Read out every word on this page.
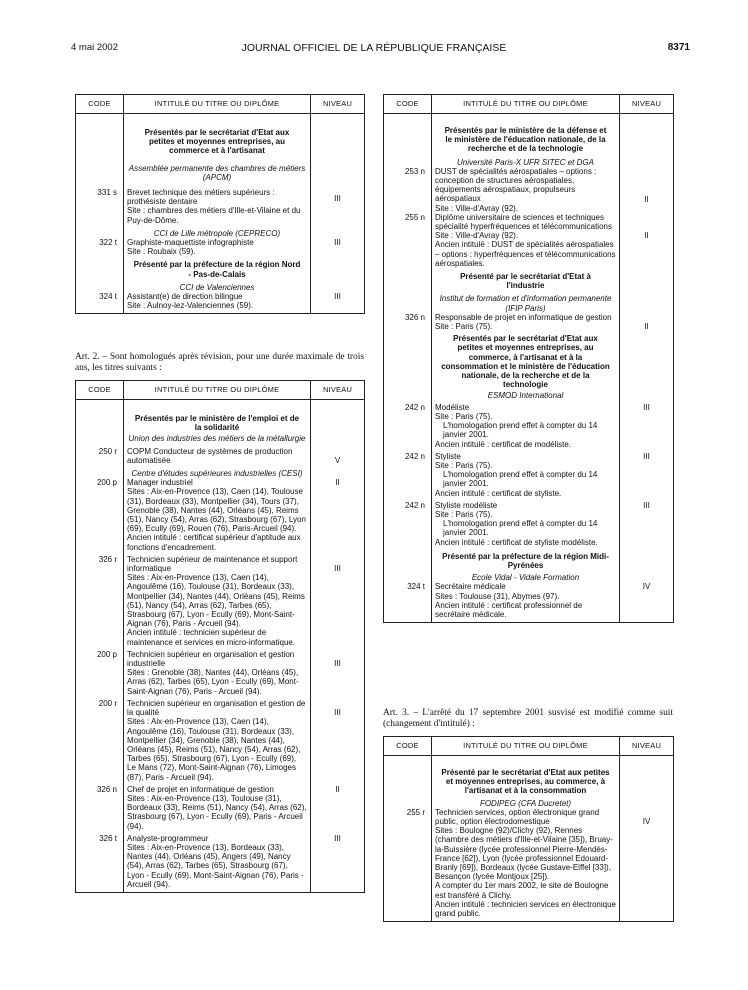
4 mai 2002	JOURNAL OFFICIEL DE LA RÉPUBLIQUE FRANÇAISE	8371
CODE	INTITULÉ DU TITRE OU DIPLÔME	NIVEAU

	Présentés par le secrétariat d'Etat aux petites et moyennes entreprises, au commerce et à l'artisanat
Assemblée permanente des chambres de métiers (APCM)	

331 s	Brevet technique des métiers supérieurs : prothésiste dentaire
Site : chambres des métiers d'Ille-et-Vilaine et du Puy-de-Dôme.	III

	CCI de Lille métropole (CEPRECO)	

322 t	Graphiste-maquettiste infographiste
Site : Roubaix (59).	III

	Présenté par la préfecture de la région Nord - Pas-de-Calais
CCI de Valenciennes	

324 t	Assistant(e) de direction bilingue
Site : Aulnoy-lez-Valenciennes (59).	III

Art. 2. – Sont homologués après révision, pour une durée maximale de trois ans, les titres suivants :

CODE	INTITULÉ DU TITRE OU DIPLÔME	NIVEAU

	Présentés par le ministère de l'emploi et de la solidarité
Union des industries des métiers de la métallurgie	

250 r	COPM Conducteur de systèmes de production automatisée	V

	Centre d'études supérieures industrielles (CESI)	

200 p	Manager industriel
Sites : Aix-en-Provence (13), Caen (14), Toulouse (31), Bordeaux (33), Montpellier (34), Tours (37), Grenoble (38), Nantes (44), Orléans (45), Reims (51), Nancy (54), Arras (62), Strasbourg (67), Lyon (69), Ecully (69), Rouen (76), Paris-Arcueil (94).
Ancien intitulé : certificat supérieur d'aptitude aux fonctions d'encadrement.	II
326 r	Technicien supérieur de maintenance et support informatique
Sites : Aix-en-Provence (13), Caen (14), Angoulême (16), Toulouse (31), Bordeaux (33), Montpellier (34), Nantes (44), Orléans (45), Reims (51), Nancy (54), Arras (62), Tarbes (65), Strasbourg (67), Lyon - Ecully (69), Mont-Saint-Aignan (76), Paris - Arcueil (94).
Ancien intitulé : technicien supérieur de maintenance et services en micro-informatique.	III
200 p	Technicien supérieur en organisation et gestion industrielle
Sites : Grenoble (38), Nantes (44), Orléans (45), Arras (62), Tarbes (65), Lyon - Ecully (69), Mont-Saint-Aignan (76), Paris - Arcueil (94).	III
200 r	Technicien supérieur en organisation et gestion de la qualité
Sites : Aix-en-Provence (13), Caen (14), Angoulême (16), Toulouse (31), Bordeaux (33), Montpellier (34), Grenoble (38), Nantes (44), Orléans (45), Reims (51), Nancy (54), Arras (62), Tarbes (65), Strasbourg (67), Lyon - Ecully (69), Le Mans (72), Mont-Saint-Aignan (76), Limoges (87), Paris - Arcueil (94).	III
326 n	Chef de projet en informatique de gestion
Sites : Aix-en-Provence (13), Toulouse (31), Bordeaux (33), Reims (51), Nancy (54), Arras (62), Strasbourg (67), Lyon - Ecully (69), Paris - Arcueil (94).	II
326 t	Analyste-programmeur
Sites : Aix-en-Provence (13), Bordeaux (33), Nantes (44), Orléans (45), Angers (49), Nancy (54), Arras (62), Tarbes (65), Strasbourg (67), Lyon - Ecully (69), Mont-Saint-Aignan (76), Paris - Arcueil (94).	III
CODE	INTITULÉ DU TITRE OU DIPLÔME	NIVEAU

	Présentés par le ministère de la défense et le ministère de l'éducation nationale, de la recherche et de la technologie
Université Paris-X UFR SITEC et DGA	

253 n	DUST de spécialités aérospatiales – options : conception de structures aérospatiales, équipements aérospatiaux, propulseurs aérospatiaux
Site : Ville-d'Avray (92).	II
255 n	Diplôme universitaire de sciences et techniques spécialité hyperfréquences et télécommunications
Site : Ville-d'Avray (92).
Ancien intitulé : DUST de spécialités aérospatiales – options : hyperfréquences et télécommunications aérospatiales.	II

	Présenté par le secrétariat d'Etat à l'industrie
Institut de formation et d'information permanente (IFIP Paris)	

326 n	Responsable de projet en informatique de gestion
Site : Paris (75).	II

	Présentés par le secrétariat d'Etat aux petites et moyennes entreprises, au commerce, à l'artisanat et à la consommation et le ministère de l'éducation nationale, de la recherche et de la technologie
ESMOD International	

242 n	Modéliste
Site : Paris (75).
L'homologation prend effet à compter du 14 janvier 2001.
Ancien intitulé : certificat de modéliste.	III
242 n	Styliste
Site : Paris (75).
L'homologation prend effet à compter du 14 janvier 2001.
Ancien intitulé : certificat de styliste.	III
242 n	Styliste modéliste
Site : Paris (75).
L'homologation prend effet à compter du 14 janvier 2001.
Ancien intitulé : certificat de styliste modéliste.	III

	Présenté par la préfecture de la région Midi-Pyrénées
Ecole Vidal - Vidale Formation	

324 t	Secrétaire médicale
Sites : Toulouse (31), Abymes (97).
Ancien intitulé : certificat professionnel de secrétaire médicale.	IV

Art. 3. – L'arrêté du 17 septembre 2001 susvisé est modifié comme suit (changement d'intitulé) :

CODE	INTITULÉ DU TITRE OU DIPLÔME	NIVEAU

	Présenté par le secrétariat d'Etat aux petites et moyennes entreprises, au commerce, à l'artisanat et à la consommation
FODIPEG (CFA Ducretet)	

255 r	Technicien services, option électronique grand public, option électrodomestique
Sites : Boulogne (92)/Clichy (92), Rennes (chambre des métiers d'Ille-et-Vilaine [35]), Bruay-la-Buissière (lycée professionnel Pierre-Mendès-France [62]), Lyon (lycée professionnel Edouard-Branly [69]), Bordeaux (lycée Gustave-Eiffel [33]), Besançon (lycée Montjoux [25]).
A compter du 1er mars 2002, le site de Boulogne est transféré à Clichy.
Ancien intitulé : technicien services en électronique grand public.	IV
